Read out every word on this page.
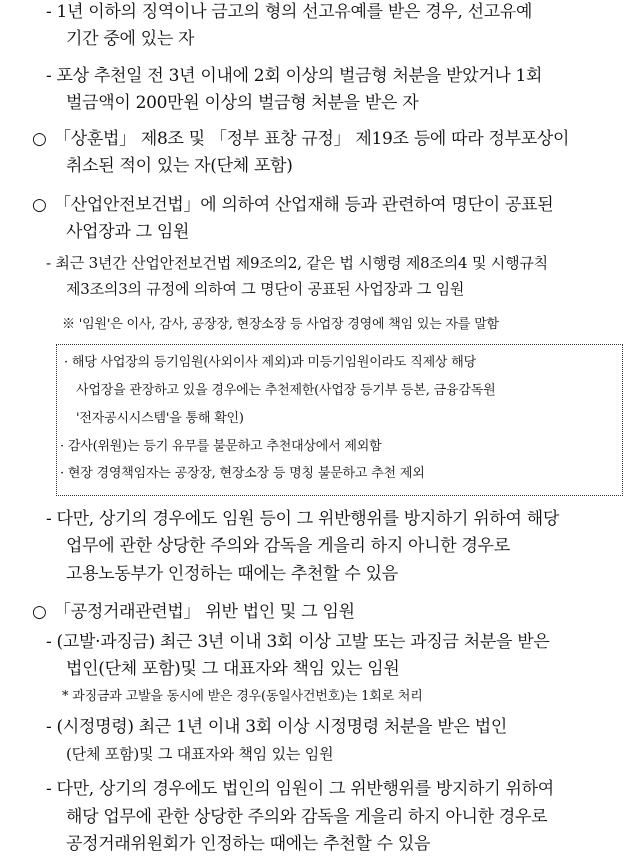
- 1년 이하의 징역이나 금고의 형의 선고유예를 받은 경우, 선고유예
기간 중에 있는 자
- 포상 추천일 전 3년 이내에 2회 이상의 벌금형 처분을 받았거나 1회
벌금액이 200만원 이상의 벌금형 처분을 받은 자
○ 「상훈법」 제8조 및 「정부 표창 규정」 제19조 등에 따라 정부포상이
취소된 적이 있는 자(단체 포함)
○ 「산업안전보건법」에 의하여 산업재해 등과 관련하여 명단이 공표된
사업장과 그 임원
- 최근 3년간 산업안전보건법 제9조의2, 같은 법 시행령 제8조의4 및 시행규칙
제3조의3의 규정에 의하여 그 명단이 공표된 사업장과 그 임원
※ '임원'은 이사, 감사, 공장장, 현장소장 등 사업장 경영에 책임 있는 자를 말함
· 해당 사업장의 등기임원(사외이사 제외)과 미등기임원이라도 직제상 해당
사업장을 관장하고 있을 경우에는 추천제한(사업장 등기부 등본, 금융감독원
'전자공시시스템'을 통해 확인)
· 감사(위원)는 등기 유무를 불문하고 추천대상에서 제외함
· 현장 경영책임자는 공장장, 현장소장 등 명칭 불문하고 추천 제외
- 다만, 상기의 경우에도 임원 등이 그 위반행위를 방지하기 위하여 해당
업무에 관한 상당한 주의와 감독을 게을리 하지 아니한 경우로
고용노동부가 인정하는 때에는 추천할 수 있음
○ 「공정거래관련법」 위반 법인 및 그 임원
- (고발·과징금) 최근 3년 이내 3회 이상 고발 또는 과징금 처분을 받은
법인(단체 포함)및 그 대표자와 책임 있는 임원
* 과징금과 고발을 동시에 받은 경우(동일사건번호)는 1회로 처리
- (시정명령) 최근 1년 이내 3회 이상 시정명령 처분을 받은 법인
(단체 포함)및 그 대표자와 책임 있는 임원
- 다만, 상기의 경우에도 법인의 임원이 그 위반행위를 방지하기 위하여
해당 업무에 관한 상당한 주의와 감독을 게을리 하지 아니한 경우로
공정거래위원회가 인정하는 때에는 추천할 수 있음
